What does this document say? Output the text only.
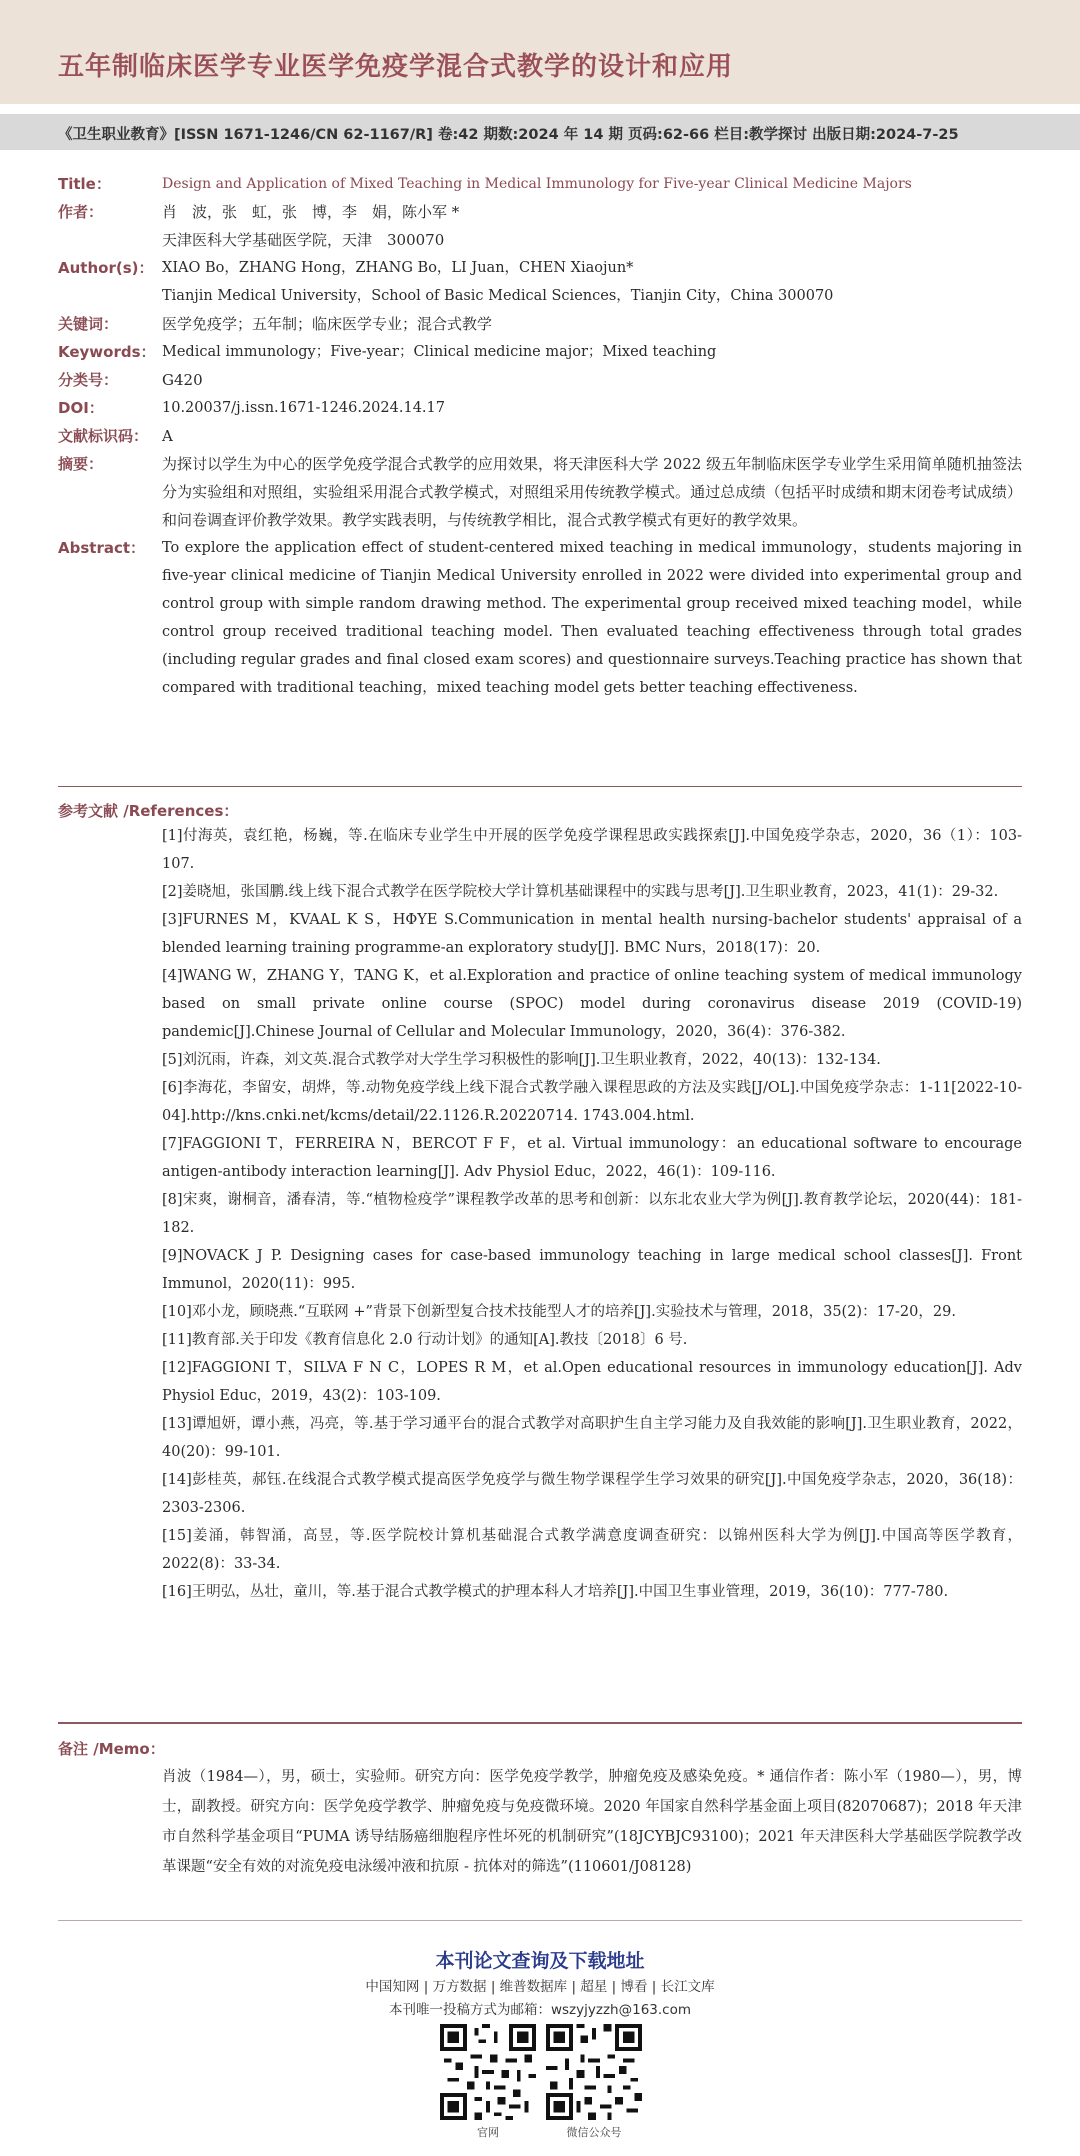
五年制临床医学专业医学免疫学混合式教学的设计和应用
《卫生职业教育》[ISSN 1671-1246/CN 62-1167/R] 卷:42 期数:2024 年 14 期 页码:62-66 栏目:教学探讨 出版日期:2024-7-25
Title：	Design and Application of Mixed Teaching in Medical Immunology for Five-year Clinical Medicine Majors
作者：	肖　波，张　虹，张　博，李　娟，陈小军 *
天津医科大学基础医学院，天津　300070
Author(s)： XIAO Bo，ZHANG Hong，ZHANG Bo，LI Juan，CHEN Xiaojun*
Tianjin Medical University，School of Basic Medical Sciences，Tianjin City，China 300070
关键词：	医学免疫学；五年制；临床医学专业；混合式教学
Keywords： Medical immunology；Five-year；Clinical medicine major；Mixed teaching
分类号：	G420
DOI：	10.20037/j.issn.1671-1246.2024.14.17
文献标识码： A
摘要：	为探讨以学生为中心的医学免疫学混合式教学的应用效果，将天津医科大学 2022 级五年制临床医学专业学生采用简单随机抽签法分为实验组和对照组，实验组采用混合式教学模式，对照组采用传统教学模式。通过总成绩（包括平时成绩和期末闭卷考试成绩）和问卷调查评价教学效果。教学实践表明，与传统教学相比，混合式教学模式有更好的教学效果。
Abstract：	To explore the application effect of student-centered mixed teaching in medical immunology，students majoring in five-year clinical medicine of Tianjin Medical University enrolled in 2022 were divided into experimental group and control group with simple random drawing method. The experimental group received mixed teaching model，while control group received traditional teaching model. Then evaluated teaching effectiveness through total grades (including regular grades and final closed exam scores) and questionnaire surveys.Teaching practice has shown that compared with traditional teaching，mixed teaching model gets better teaching effectiveness.
参考文献 /References：
[1]付海英，袁红艳，杨巍，等.在临床专业学生中开展的医学免疫学课程思政实践探索[J].中国免疫学杂志，2020，36（1）：103-107.
[2]姜晓旭，张国鹏.线上线下混合式教学在医学院校大学计算机基础课程中的实践与思考[J].卫生职业教育，2023，41(1)：29-32.
[3]FURNES M，KVAAL K S，HΦYE S.Communication in mental health nursing-bachelor students' appraisal of a blended learning training programme-an exploratory study[J]. BMC Nurs，2018(17)：20.
[4]WANG W，ZHANG Y，TANG K，et al.Exploration and practice of online teaching system of medical immunology based on small private online course (SPOC) model during coronavirus disease 2019 (COVID-19) pandemic[J].Chinese Journal of Cellular and Molecular Immunology，2020，36(4)：376-382.
[5]刘沉雨，许森，刘文英.混合式教学对大学生学习积极性的影响[J].卫生职业教育，2022，40(13)：132-134.
[6]李海花，李留安，胡烨，等.动物免疫学线上线下混合式教学融入课程思政的方法及实践[J/OL].中国免疫学杂志：1-11[2022-10-04].http://kns.cnki.net/kcms/detail/22.1126.R.20220714. 1743.004.html.
[7]FAGGIONI T，FERREIRA N，BERCOT F F，et al. Virtual immunology：an educational software to encourage antigen-antibody interaction learning[J]. Adv Physiol Educ，2022，46(1)：109-116.
[8]宋爽，谢桐音，潘春清，等.“植物检疫学”课程教学改革的思考和创新：以东北农业大学为例[J].教育教学论坛，2020(44)：181-182.
[9]NOVACK J P. Designing cases for case-based immunology teaching in large medical school classes[J]. Front Immunol，2020(11)：995.
[10]邓小龙，顾晓燕.“互联网 +”背景下创新型复合技术技能型人才的培养[J].实验技术与管理，2018，35(2)：17-20，29.
[11]教育部.关于印发《教育信息化 2.0 行动计划》的通知[A].教技〔2018〕6 号.
[12]FAGGIONI T，SILVA F N C，LOPES R M，et al.Open educational resources in immunology education[J]. Adv Physiol Educ，2019，43(2)：103-109.
[13]谭旭妍，谭小燕，冯亮，等.基于学习通平台的混合式教学对高职护生自主学习能力及自我效能的影响[J].卫生职业教育，2022，40(20)：99-101.
[14]彭桂英，郝钰.在线混合式教学模式提高医学免疫学与微生物学课程学生学习效果的研究[J].中国免疫学杂志，2020，36(18)：2303-2306.
[15]姜涌，韩智涌，高昱，等.医学院校计算机基础混合式教学满意度调查研究：以锦州医科大学为例[J].中国高等医学教育，2022(8)：33-34.
[16]王明弘，丛壮，童川，等.基于混合式教学模式的护理本科人才培养[J].中国卫生事业管理，2019，36(10)：777-780.
备注 /Memo：
肖波（1984—），男，硕士，实验师。研究方向：医学免疫学教学，肿瘤免疫及感染免疫。* 通信作者：陈小军（1980—），男，博士，副教授。研究方向：医学免疫学教学、肿瘤免疫与免疫微环境。2020 年国家自然科学基金面上项目(82070687)；2018 年天津市自然科学基金项目“PUMA 诱导结肠癌细胞程序性坏死的机制研究”(18JCYBJC93100)；2021 年天津医科大学基础医学院教学改革课题“安全有效的对流免疫电泳缓冲液和抗原 - 抗体对的筛选”(110601/J08128)
本刊论文查询及下载地址
中国知网 | 万方数据 | 维普数据库 | 超星 | 博看 | 长江文库
本刊唯一投稿方式为邮箱：wszyjyzzh@163.com
官网	微信公众号
